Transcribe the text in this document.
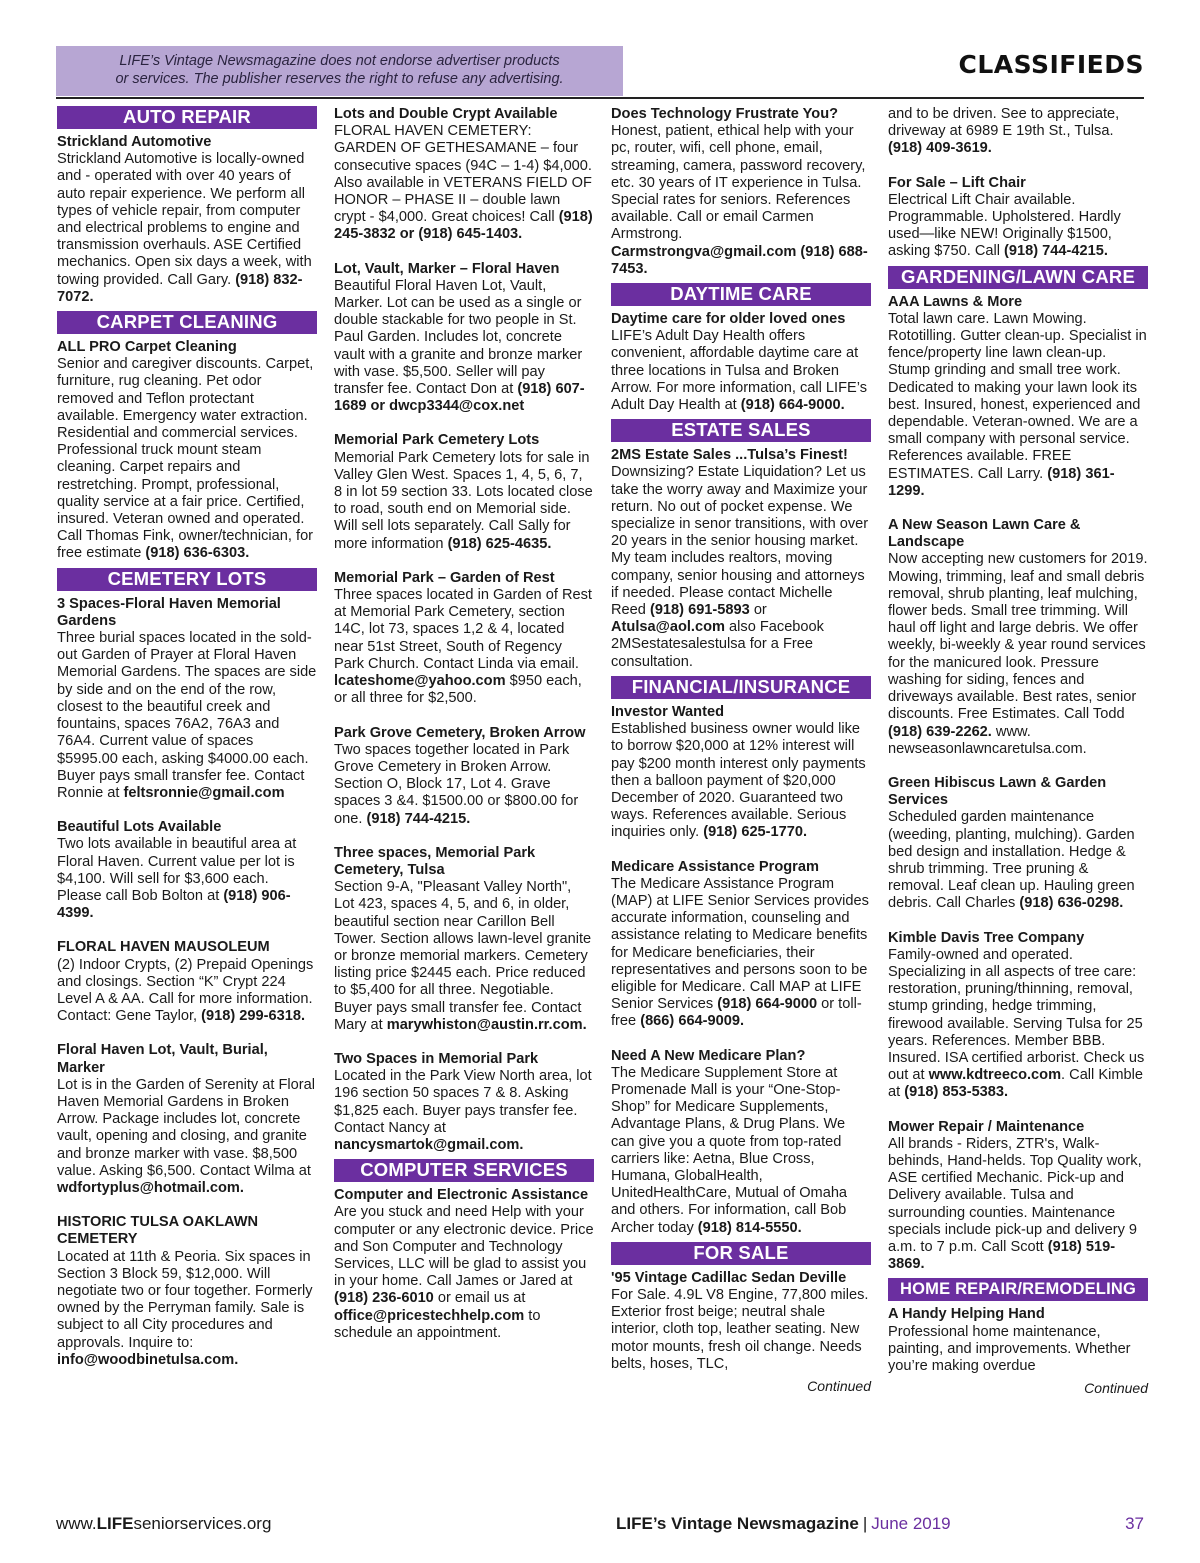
LIFE’s Vintage Newsmagazine does not endorse advertiser products
or services. The publisher reserves the right to refuse any advertising.	CLASSIFIEDS
AUTO REPAIR
Strickland Automotive
Strickland Automotive is locally-owned and - operated with over 40 years of auto repair experience. We perform all types of vehicle repair, from computer and electrical problems to engine and transmission overhauls. ASE Certified mechanics. Open six days a week, with towing provided. Call Gary. (918) 832-7072.
CARPET CLEANING
ALL PRO Carpet Cleaning
Senior and caregiver discounts. Carpet, furniture, rug cleaning. Pet odor removed and Teflon protectant available. Emergency water extraction. Residential and commercial services. Professional truck mount steam cleaning. Carpet repairs and restretching. Prompt, professional, quality service at a fair price. Certified, insured. Veteran owned and operated. Call Thomas Fink, owner/technician, for free estimate (918) 636-6303.
CEMETERY LOTS
3 Spaces-Floral Haven Memorial Gardens
Three burial spaces located in the sold-out Garden of Prayer at Floral Haven Memorial Gardens. The spaces are side by side and on the end of the row, closest to the beautiful creek and fountains, spaces 76A2, 76A3 and 76A4. Current value of spaces $5995.00 each, asking $4000.00 each. Buyer pays small transfer fee. Contact Ronnie at feltsronnie@gmail.com
Beautiful Lots Available
Two lots available in beautiful area at Floral Haven. Current value per lot is $4,100. Will sell for $3,600 each. Please call Bob Bolton at (918) 906-4399.
FLORAL HAVEN MAUSOLEUM
(2) Indoor Crypts, (2) Prepaid Openings and closings. Section “K” Crypt 224 Level A & AA. Call for more information. Contact: Gene Taylor, (918) 299-6318.
Floral Haven Lot, Vault, Burial, Marker
Lot is in the Garden of Serenity at Floral Haven Memorial Gardens in Broken Arrow. Package includes lot, concrete vault, opening and closing, and granite and bronze marker with vase. $8,500 value. Asking $6,500. Contact Wilma at wdfortyplus@hotmail.com.
HISTORIC TULSA OAKLAWN CEMETERY
Located at 11th & Peoria. Six spaces in Section 3 Block 59, $12,000. Will negotiate two or four together. Formerly owned by the Perryman family. Sale is subject to all City procedures and approvals. Inquire to: info@woodbinetulsa.com.
Lots and Double Crypt Available
FLORAL HAVEN CEMETERY: GARDEN OF GETHESAMANE – four consecutive spaces (94C – 1-4) $4,000. Also available in VETERANS FIELD OF HONOR – PHASE II – double lawn crypt - $4,000. Great choices! Call (918) 245-3832 or (918) 645-1403.
Lot, Vault, Marker – Floral Haven
Beautiful Floral Haven Lot, Vault, Marker. Lot can be used as a single or double stackable for two people in St. Paul Garden. Includes lot, concrete vault with a granite and bronze marker with vase. $5,500. Seller will pay transfer fee. Contact Don at (918) 607-1689 or dwcp3344@cox.net
Memorial Park Cemetery Lots
Memorial Park Cemetery lots for sale in Valley Glen West. Spaces 1, 4, 5, 6, 7, 8 in lot 59 section 33. Lots located close to road, south end on Memorial side. Will sell lots separately. Call Sally for more information (918) 625-4635.
Memorial Park – Garden of Rest
Three spaces located in Garden of Rest at Memorial Park Cemetery, section 14C, lot 73, spaces 1,2 & 4, located near 51st Street, South of Regency Park Church. Contact Linda via email. lcateshome@yahoo.com $950 each, or all three for $2,500.
Park Grove Cemetery, Broken Arrow
Two spaces together located in Park Grove Cemetery in Broken Arrow. Section O, Block 17, Lot 4. Grave spaces 3 &4. $1500.00 or $800.00 for one. (918) 744-4215.
Three spaces, Memorial Park Cemetery, Tulsa
Section 9-A, "Pleasant Valley North", Lot 423, spaces 4, 5, and 6, in older, beautiful section near Carillon Bell Tower. Section allows lawn-level granite or bronze memorial markers. Cemetery listing price $2445 each. Price reduced to $5,400 for all three. Negotiable. Buyer pays small transfer fee. Contact Mary at marywhiston@austin.rr.com.
Two Spaces in Memorial Park
Located in the Park View North area, lot 196 section 50 spaces 7 & 8. Asking $1,825 each. Buyer pays transfer fee. Contact Nancy at nancysmartok@gmail.com.
COMPUTER SERVICES
Computer and Electronic Assistance
Are you stuck and need Help with your computer or any electronic device. Price and Son Computer and Technology Services, LLC will be glad to assist you in your home. Call James or Jared at (918) 236-6010 or email us at office@pricestechhelp.com to schedule an appointment.
Does Technology Frustrate You?
Honest, patient, ethical help with your pc, router, wifi, cell phone, email, streaming, camera, password recovery, etc. 30 years of IT experience in Tulsa. Special rates for seniors. References available. Call or email Carmen Armstrong. Carmstrongva@gmail.com (918) 688-7453.
DAYTIME CARE
Daytime care for older loved ones
LIFE’s Adult Day Health offers convenient, affordable daytime care at three locations in Tulsa and Broken Arrow. For more information, call LIFE’s Adult Day Health at (918) 664-9000.
ESTATE SALES
2MS Estate Sales ...Tulsa’s Finest!
Downsizing? Estate Liquidation? Let us take the worry away and Maximize your return. No out of pocket expense. We specialize in senor transitions, with over 20 years in the senior housing market. My team includes realtors, moving company, senior housing and attorneys if needed. Please contact Michelle Reed (918) 691-5893 or Atulsa@aol.com also Facebook 2MSestatesalestulsa for a Free consultation.
FINANCIAL/INSURANCE
Investor Wanted
Established business owner would like to borrow $20,000 at 12% interest will pay $200 month interest only payments then a balloon payment of $20,000 December of 2020. Guaranteed two ways. References available. Serious inquiries only. (918) 625-1770.
Medicare Assistance Program
The Medicare Assistance Program (MAP) at LIFE Senior Services provides accurate information, counseling and assistance relating to Medicare benefits for Medicare beneficiaries, their representatives and persons soon to be eligible for Medicare. Call MAP at LIFE Senior Services (918) 664-9000 or toll-free (866) 664-9009.
Need A New Medicare Plan?
The Medicare Supplement Store at Promenade Mall is your “One-Stop-Shop” for Medicare Supplements, Advantage Plans, & Drug Plans. We can give you a quote from top-rated carriers like: Aetna, Blue Cross, Humana, GlobalHealth, UnitedHealthCare, Mutual of Omaha and others. For information, call Bob Archer today (918) 814-5550.
FOR SALE
'95 Vintage Cadillac Sedan Deville
For Sale. 4.9L V8 Engine, 77,800 miles. Exterior frost beige; neutral shale interior, cloth top, leather seating. New motor mounts, fresh oil change. Needs belts, hoses, TLC,
Continued
and to be driven. See to appreciate, driveway at 6989 E 19th St., Tulsa. (918) 409-3619.
For Sale – Lift Chair
Electrical Lift Chair available. Programmable. Upholstered. Hardly used—like NEW! Originally $1500, asking $750. Call (918) 744-4215.
GARDENING/LAWN CARE
AAA Lawns & More
Total lawn care. Lawn Mowing. Rototilling. Gutter clean-up. Specialist in fence/property line lawn clean-up. Stump grinding and small tree work. Dedicated to making your lawn look its best. Insured, honest, experienced and dependable. Veteran-owned. We are a small company with personal service. References available. FREE ESTIMATES. Call Larry. (918) 361-1299.
A New Season Lawn Care & Landscape
Now accepting new customers for 2019. Mowing, trimming, leaf and small debris removal, shrub planting, leaf mulching, flower beds. Small tree trimming. Will haul off light and large debris. We offer weekly, bi-weekly & year round services for the manicured look. Pressure washing for siding, fences and driveways available. Best rates, senior discounts. Free Estimates. Call Todd (918) 639-2262. www. newseasonlawncaretulsa.com.
Green Hibiscus Lawn & Garden Services
Scheduled garden maintenance (weeding, planting, mulching). Garden bed design and installation. Hedge & shrub trimming. Tree pruning & removal. Leaf clean up. Hauling green debris. Call Charles (918) 636-0298.
Kimble Davis Tree Company
Family-owned and operated. Specializing in all aspects of tree care: restoration, pruning/thinning, removal, stump grinding, hedge trimming, firewood available. Serving Tulsa for 25 years. References. Member BBB. Insured. ISA certified arborist. Check us out at www.kdtreeco.com. Call Kimble at (918) 853-5383.
Mower Repair / Maintenance
All brands - Riders, ZTR's, Walk-behinds, Hand-helds. Top Quality work, ASE certified Mechanic. Pick-up and Delivery available. Tulsa and surrounding counties. Maintenance specials include pick-up and delivery 9 a.m. to 7 p.m. Call Scott (918) 519-3869.
HOME REPAIR/REMODELING
A Handy Helping Hand
Professional home maintenance, painting, and improvements. Whether you’re making overdue
Continued
www.LIFEseniorservices.org	LIFE’s Vintage Newsmagazine | June 2019	37
